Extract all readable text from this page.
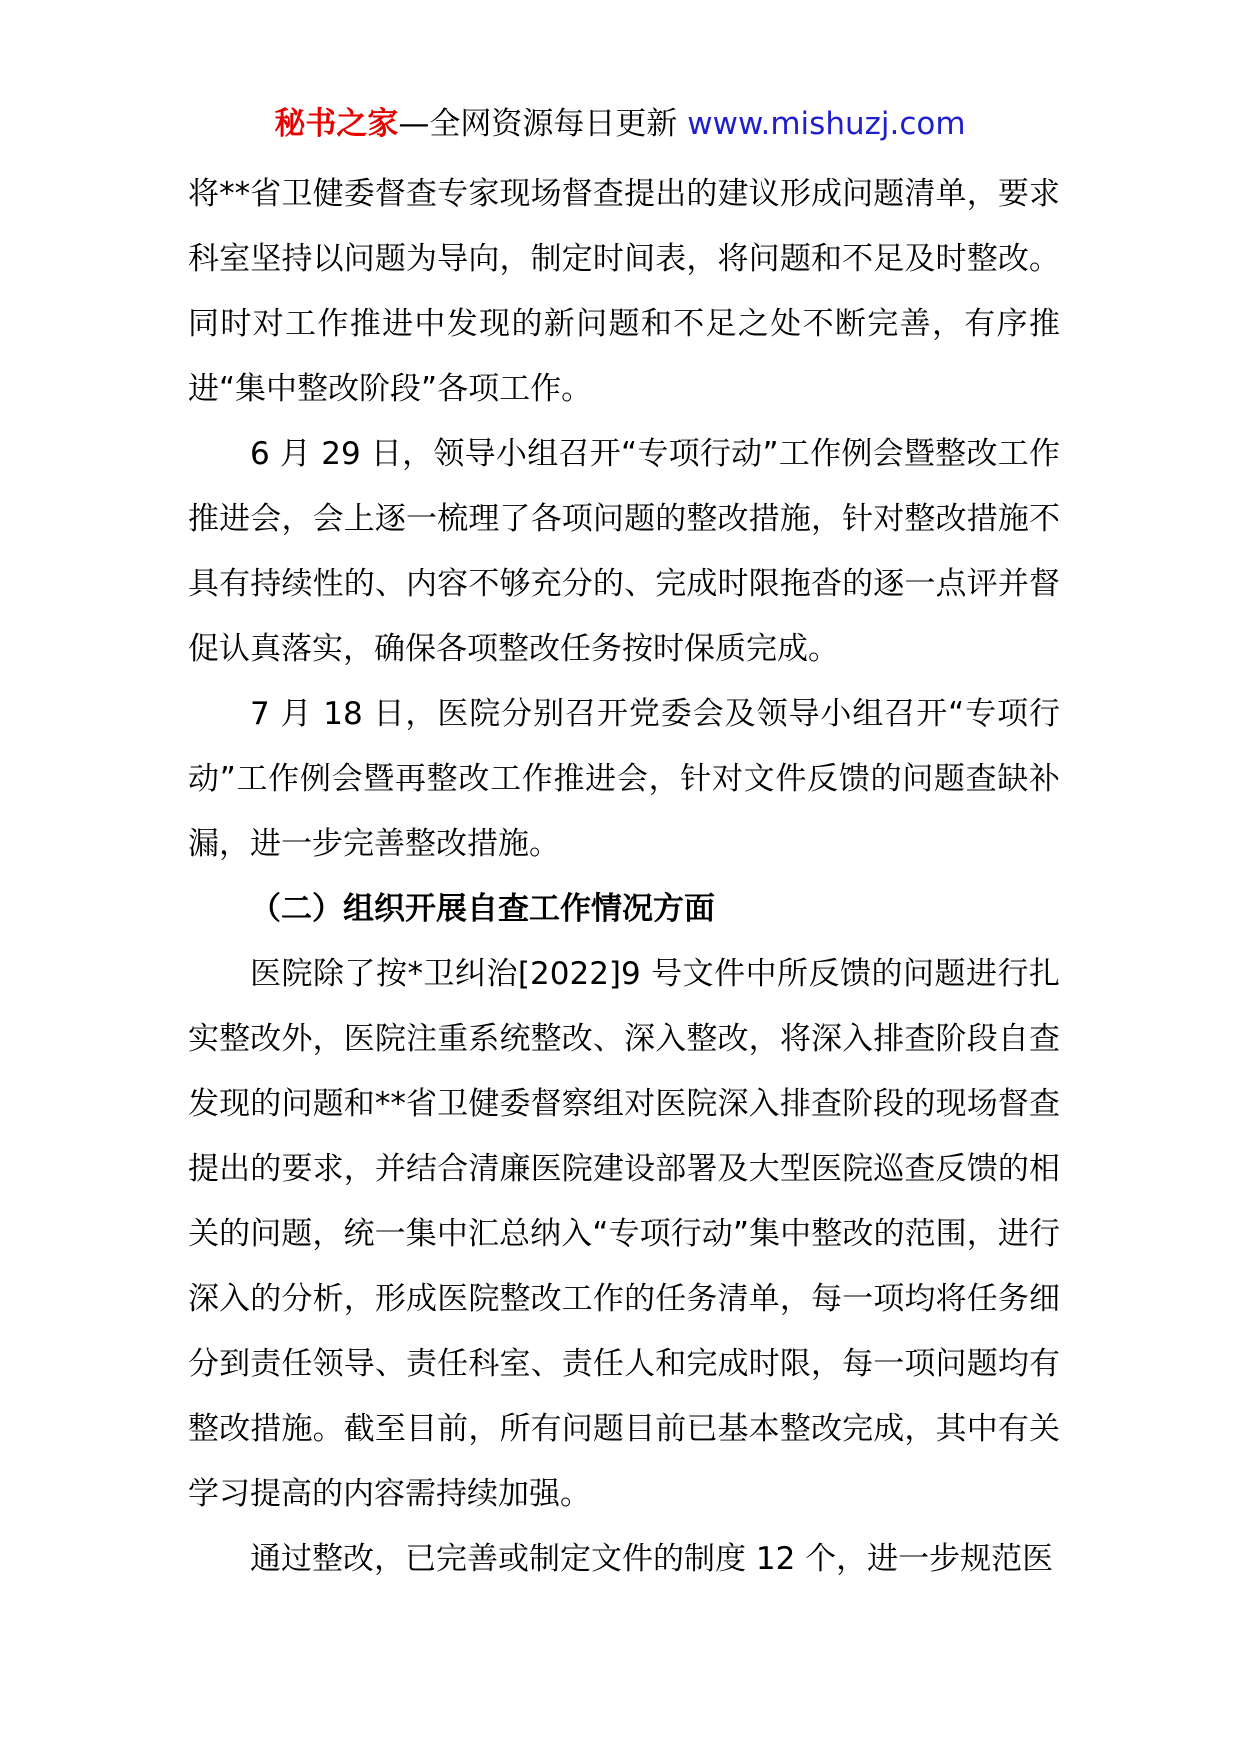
秘书之家—全网资源每日更新 www.mishuzj.com

将**省卫健委督查专家现场督查提出的建议形成问题清单，要求科室坚持以问题为导向，制定时间表，将问题和不足及时整改。同时对工作推进中发现的新问题和不足之处不断完善，有序推进“集中整改阶段”各项工作。

6 月 29 日，领导小组召开“专项行动”工作例会暨整改工作推进会，会上逐一梳理了各项问题的整改措施，针对整改措施不具有持续性的、内容不够充分的、完成时限拖沓的逐一点评并督促认真落实，确保各项整改任务按时保质完成。

7 月 18 日，医院分别召开党委会及领导小组召开“专项行动”工作例会暨再整改工作推进会，针对文件反馈的问题查缺补漏，进一步完善整改措施。

（二）组织开展自查工作情况方面

医院除了按*卫纠治[2022]9 号文件中所反馈的问题进行扎实整改外，医院注重系统整改、深入整改，将深入排查阶段自查发现的问题和**省卫健委督察组对医院深入排查阶段的现场督查提出的要求，并结合清廉医院建设部署及大型医院巡查反馈的相关的问题，统一集中汇总纳入“专项行动”集中整改的范围，进行深入的分析，形成医院整改工作的任务清单，每一项均将任务细分到责任领导、责任科室、责任人和完成时限，每一项问题均有整改措施。截至目前，所有问题目前已基本整改完成，其中有关学习提高的内容需持续加强。

通过整改，已完善或制定文件的制度 12 个，进一步规范医
